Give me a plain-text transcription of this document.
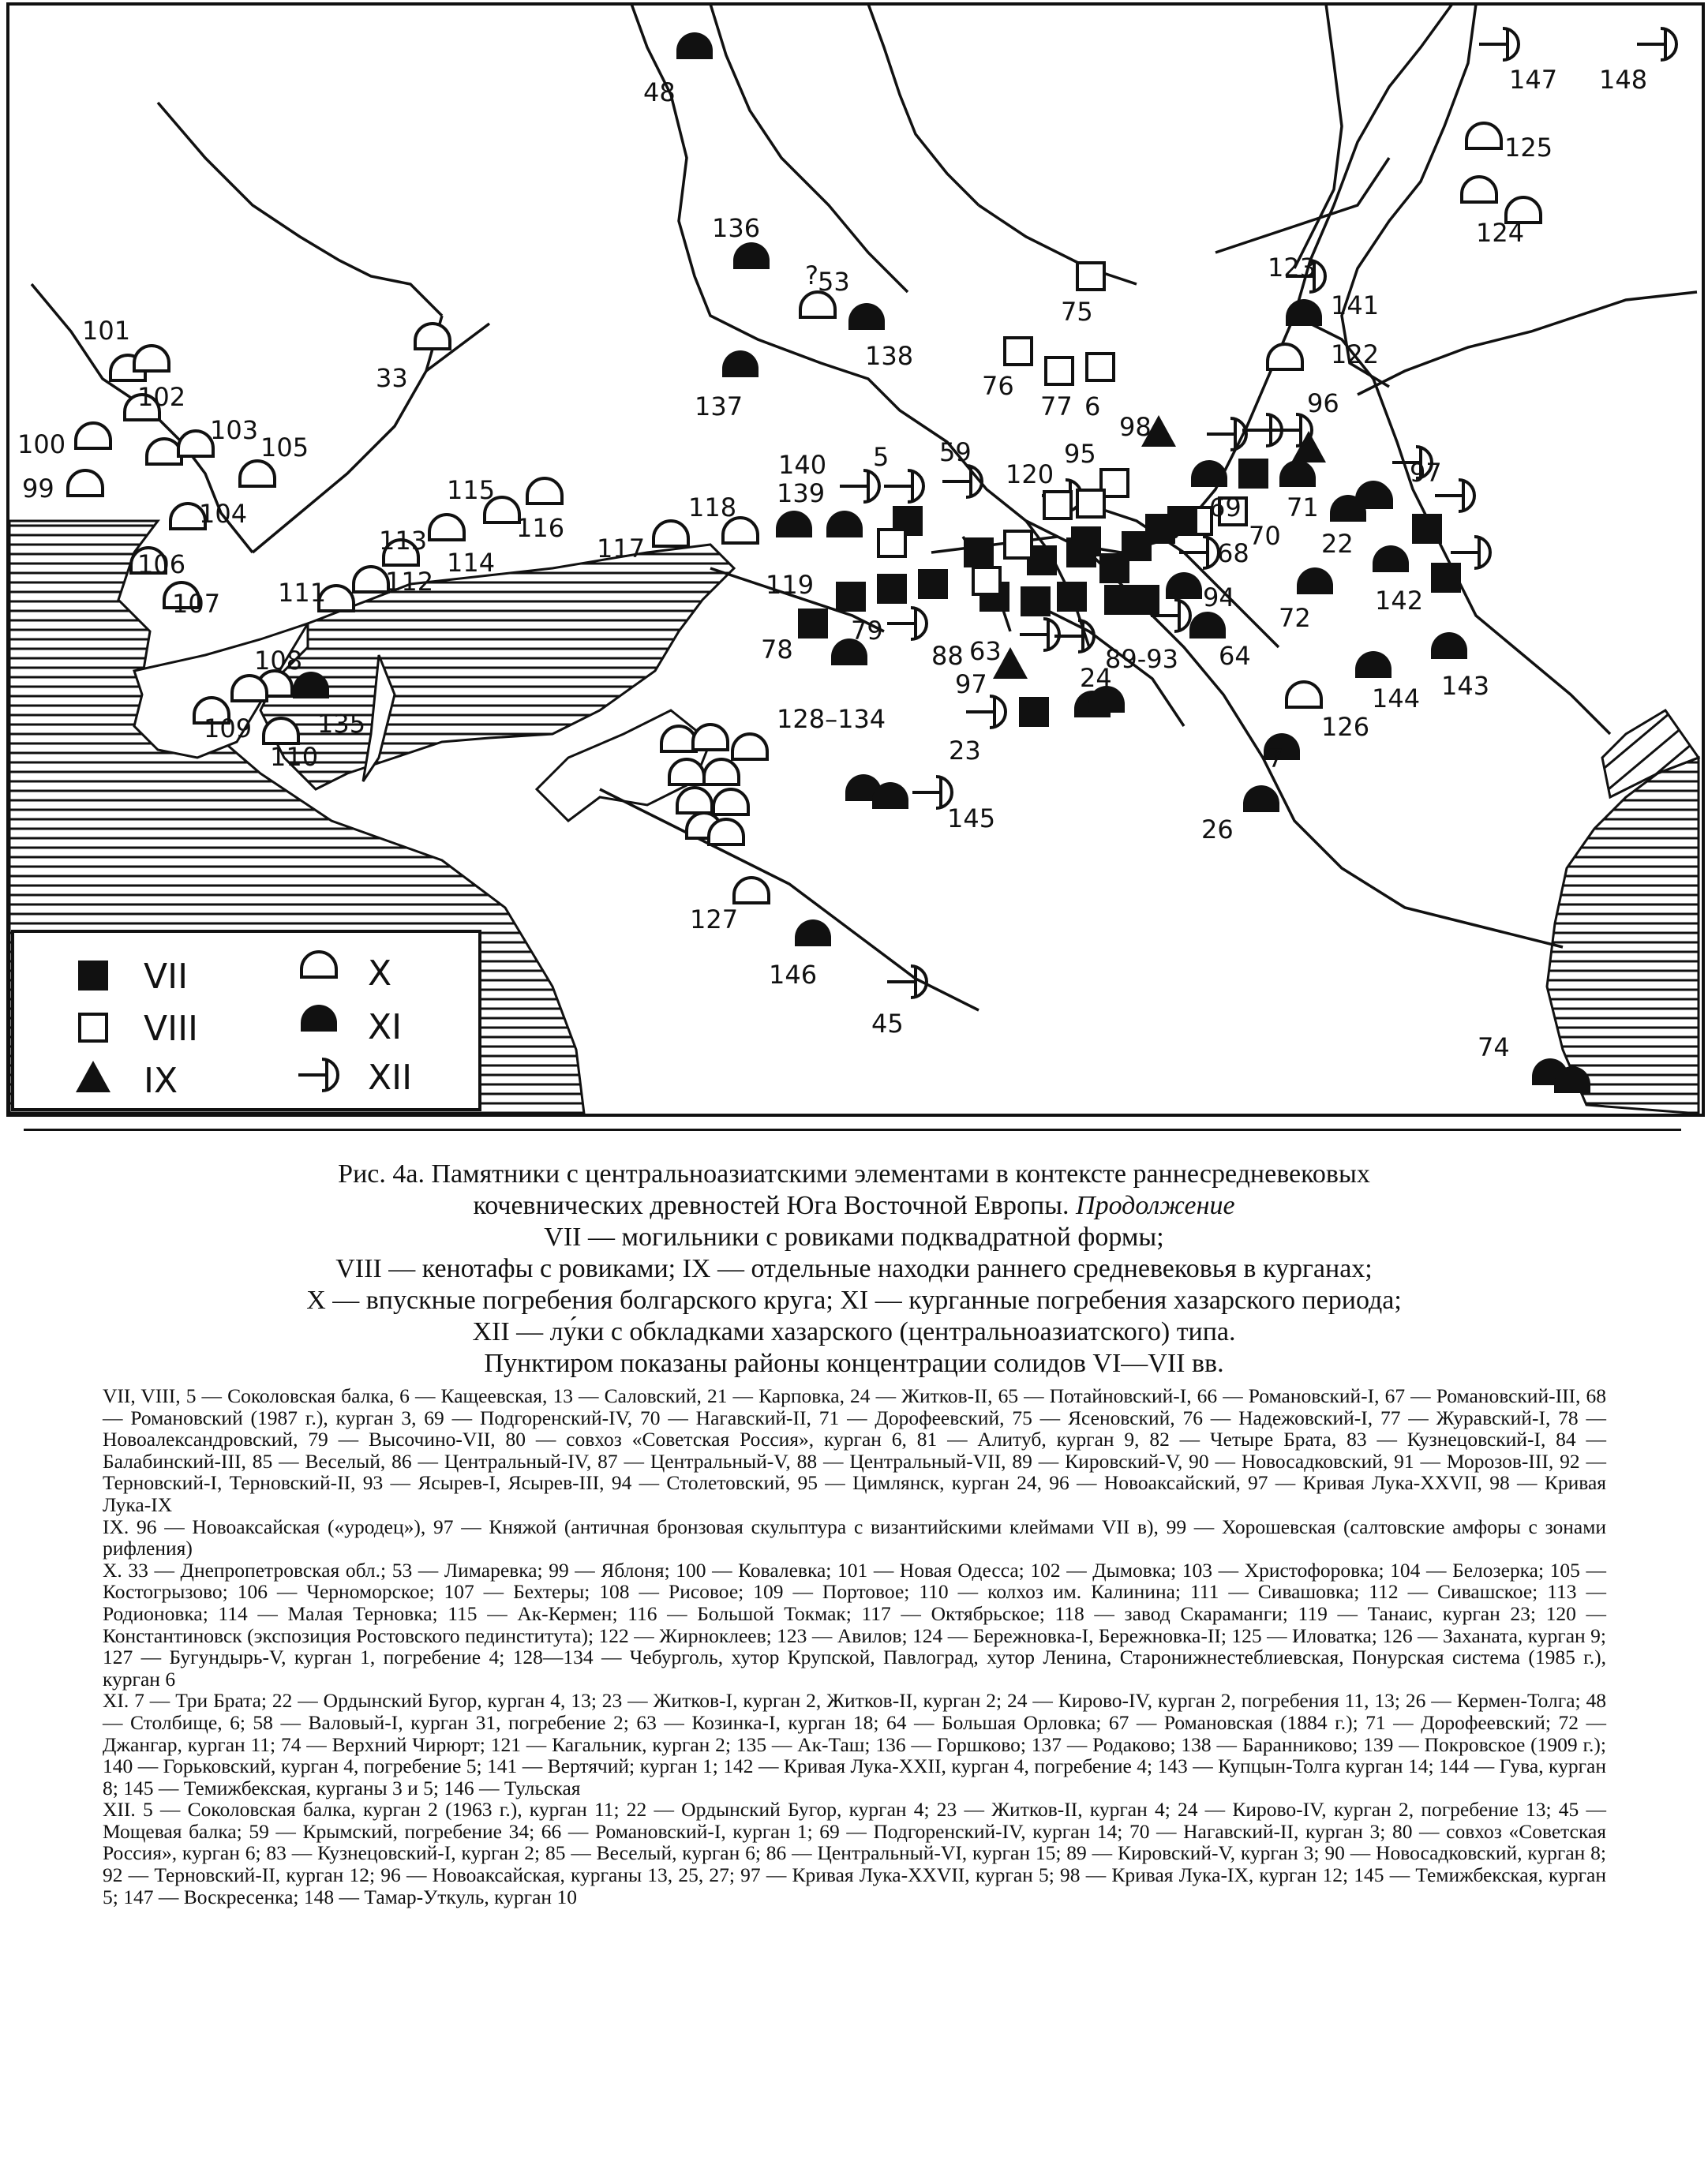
48	147 148
125
124
136
53
138
137
75
76
77 6
123
141
122
96
98
101
102
100	103
105
99
104
33
115
116
113
114	117
118
106
107 111 112
140
139
5 59
120
95
69
70
71
22
97
68
119	94
72
142
79
63
88	89-93 64
24
97
23
144 143
108
135
109
110
126
128–134
7
145	26
127
146
45
74
78
?
VII
VIII
IX
X
XI
XII
Рис. 4а. Памятники с центральноазиатскими элементами в контексте раннесредневековых
кочевнических древностей Юга Восточной Европы. Продолжение
VII — могильники с ровиками подквадратной формы;
VIII — кенотафы с ровиками; IX — отдельные находки раннего средневековья в курганах;
X — впускные погребения болгарского круга; XI — курганные погребения хазарского периода;
XII — лу́ки с обкладками хазарского (центральноазиатского) типа.
Пунктиром показаны районы концентрации солидов VI—VII вв.

VII, VIII, 5 — Соколовская балка, 6 — Кащеевская, 13 — Саловский, 21 — Карповка, 24 — Житков-II, 65 — Потайновский-I, 66 — Романовский-I, 67 — Романовский-III, 68 — Романовский (1987 г.), курган 3, 69 — Подгоренский-IV, 70 — Нагавский-II, 71 — Дорофеевский, 75 — Ясеновский, 76 — Надежовский-I, 77 — Журавский-I, 78 — Новоалександровский, 79 — Высочино-VII, 80 — совхоз «Советская Россия», курган 6, 81 — Алитуб, курган 9, 82 — Четыре Брата, 83 — Кузнецовский-I, 84 — Балабинский-III, 85 — Веселый, 86 — Центральный-IV, 87 — Центральный-V, 88 — Центральный-VII, 89 — Кировский-V, 90 — Новосадковский, 91 — Морозов-III, 92 — Терновский-I, Терновский-II, 93 — Ясырев-I, Ясырев-III, 94 — Столетовский, 95 — Цимлянск, курган 24, 96 — Новоаксайский, 97 — Кривая Лука-XXVII, 98 — Кривая Лука-IX

IX. 96 — Новоаксайская («уродец»), 97 — Княжой (античная бронзовая скульптура с византийскими клеймами VII в), 99 — Хорошевская (салтовские амфоры с зонами рифления)

X. 33 — Днепропетровская обл.; 53 — Лимаревка; 99 — Яблоня; 100 — Ковалевка; 101 — Новая Одесса; 102 — Дымовка; 103 — Христофоровка; 104 — Белозерка; 105 — Костогрызово; 106 — Черноморское; 107 — Бехтеры; 108 — Рисовое; 109 — Портовое; 110 — колхоз им. Калинина; 111 — Сивашовка; 112 — Сивашское; 113 — Родионовка; 114 — Малая Терновка; 115 — Ак-Кермен; 116 — Большой Токмак; 117 — Октябрьское; 118 — завод Скараманги; 119 — Танаис, курган 23; 120 — Константиновск (экспозиция Ростовского пединститута); 122 — Жирноклеев; 123 — Авилов; 124 — Бережновка-I, Бережновка-II; 125 — Иловатка; 126 — Заханата, курган 9; 127 — Бугундырь-V, курган 1, погребение 4; 128—134 — Чебурголь, хутор Крупской, Павлоград, хутор Ленина, Старонижнестеблиевская, Понурская система (1985 г.), курган 6

XI. 7 — Три Брата; 22 — Ордынский Бугор, курган 4, 13; 23 — Житков-I, курган 2, Житков-II, курган 2; 24 — Кирово-IV, курган 2, погребения 11, 13; 26 — Кермен-Толга; 48 — Столбище, 6; 58 — Валовый-I, курган 31, погребение 2; 63 — Козинка-I, курган 18; 64 — Большая Орловка; 67 — Романовская (1884 г.); 71 — Дорофеевский; 72 — Джангар, курган 11; 74 — Верхний Чирюрт; 121 — Кагальник, курган 2; 135 — Ак-Таш; 136 — Горшково; 137 — Родаково; 138 — Баранниково; 139 — Покровское (1909 г.); 140 — Горьковский, курган 4, погребение 5; 141 — Вертячий; курган 1; 142 — Кривая Лука-XXII, курган 4, погребение 4; 143 — Купцын-Толга курган 14; 144 — Гува, курган 8; 145 — Темижбекская, курганы 3 и 5; 146 — Тульская

XII. 5 — Соколовская балка, курган 2 (1963 г.), курган 11; 22 — Ордынский Бугор, курган 4; 23 — Житков-II, курган 4; 24 — Кирово-IV, курган 2, погребение 13; 45 — Мощевая балка; 59 — Крымский, погребение 34; 66 — Романовский-I, курган 1; 69 — Подгоренский-IV, курган 14; 70 — Нагавский-II, курган 3; 80 — совхоз «Советская Россия», курган 6; 83 — Кузнецовский-I, курган 2; 85 — Веселый, курган 6; 86 — Центральный-VI, курган 15; 89 — Кировский-V, курган 3; 90 — Новосадковский, курган 8; 92 — Терновский-II, курган 12; 96 — Новоаксайская, курганы 13, 25, 27; 97 — Кривая Лука-XXVII, курган 5; 98 — Кривая Лука-IX, курган 12; 145 — Темижбекская, курган 5; 147 — Воскресенка; 148 — Тамар-Уткуль, курган 10
